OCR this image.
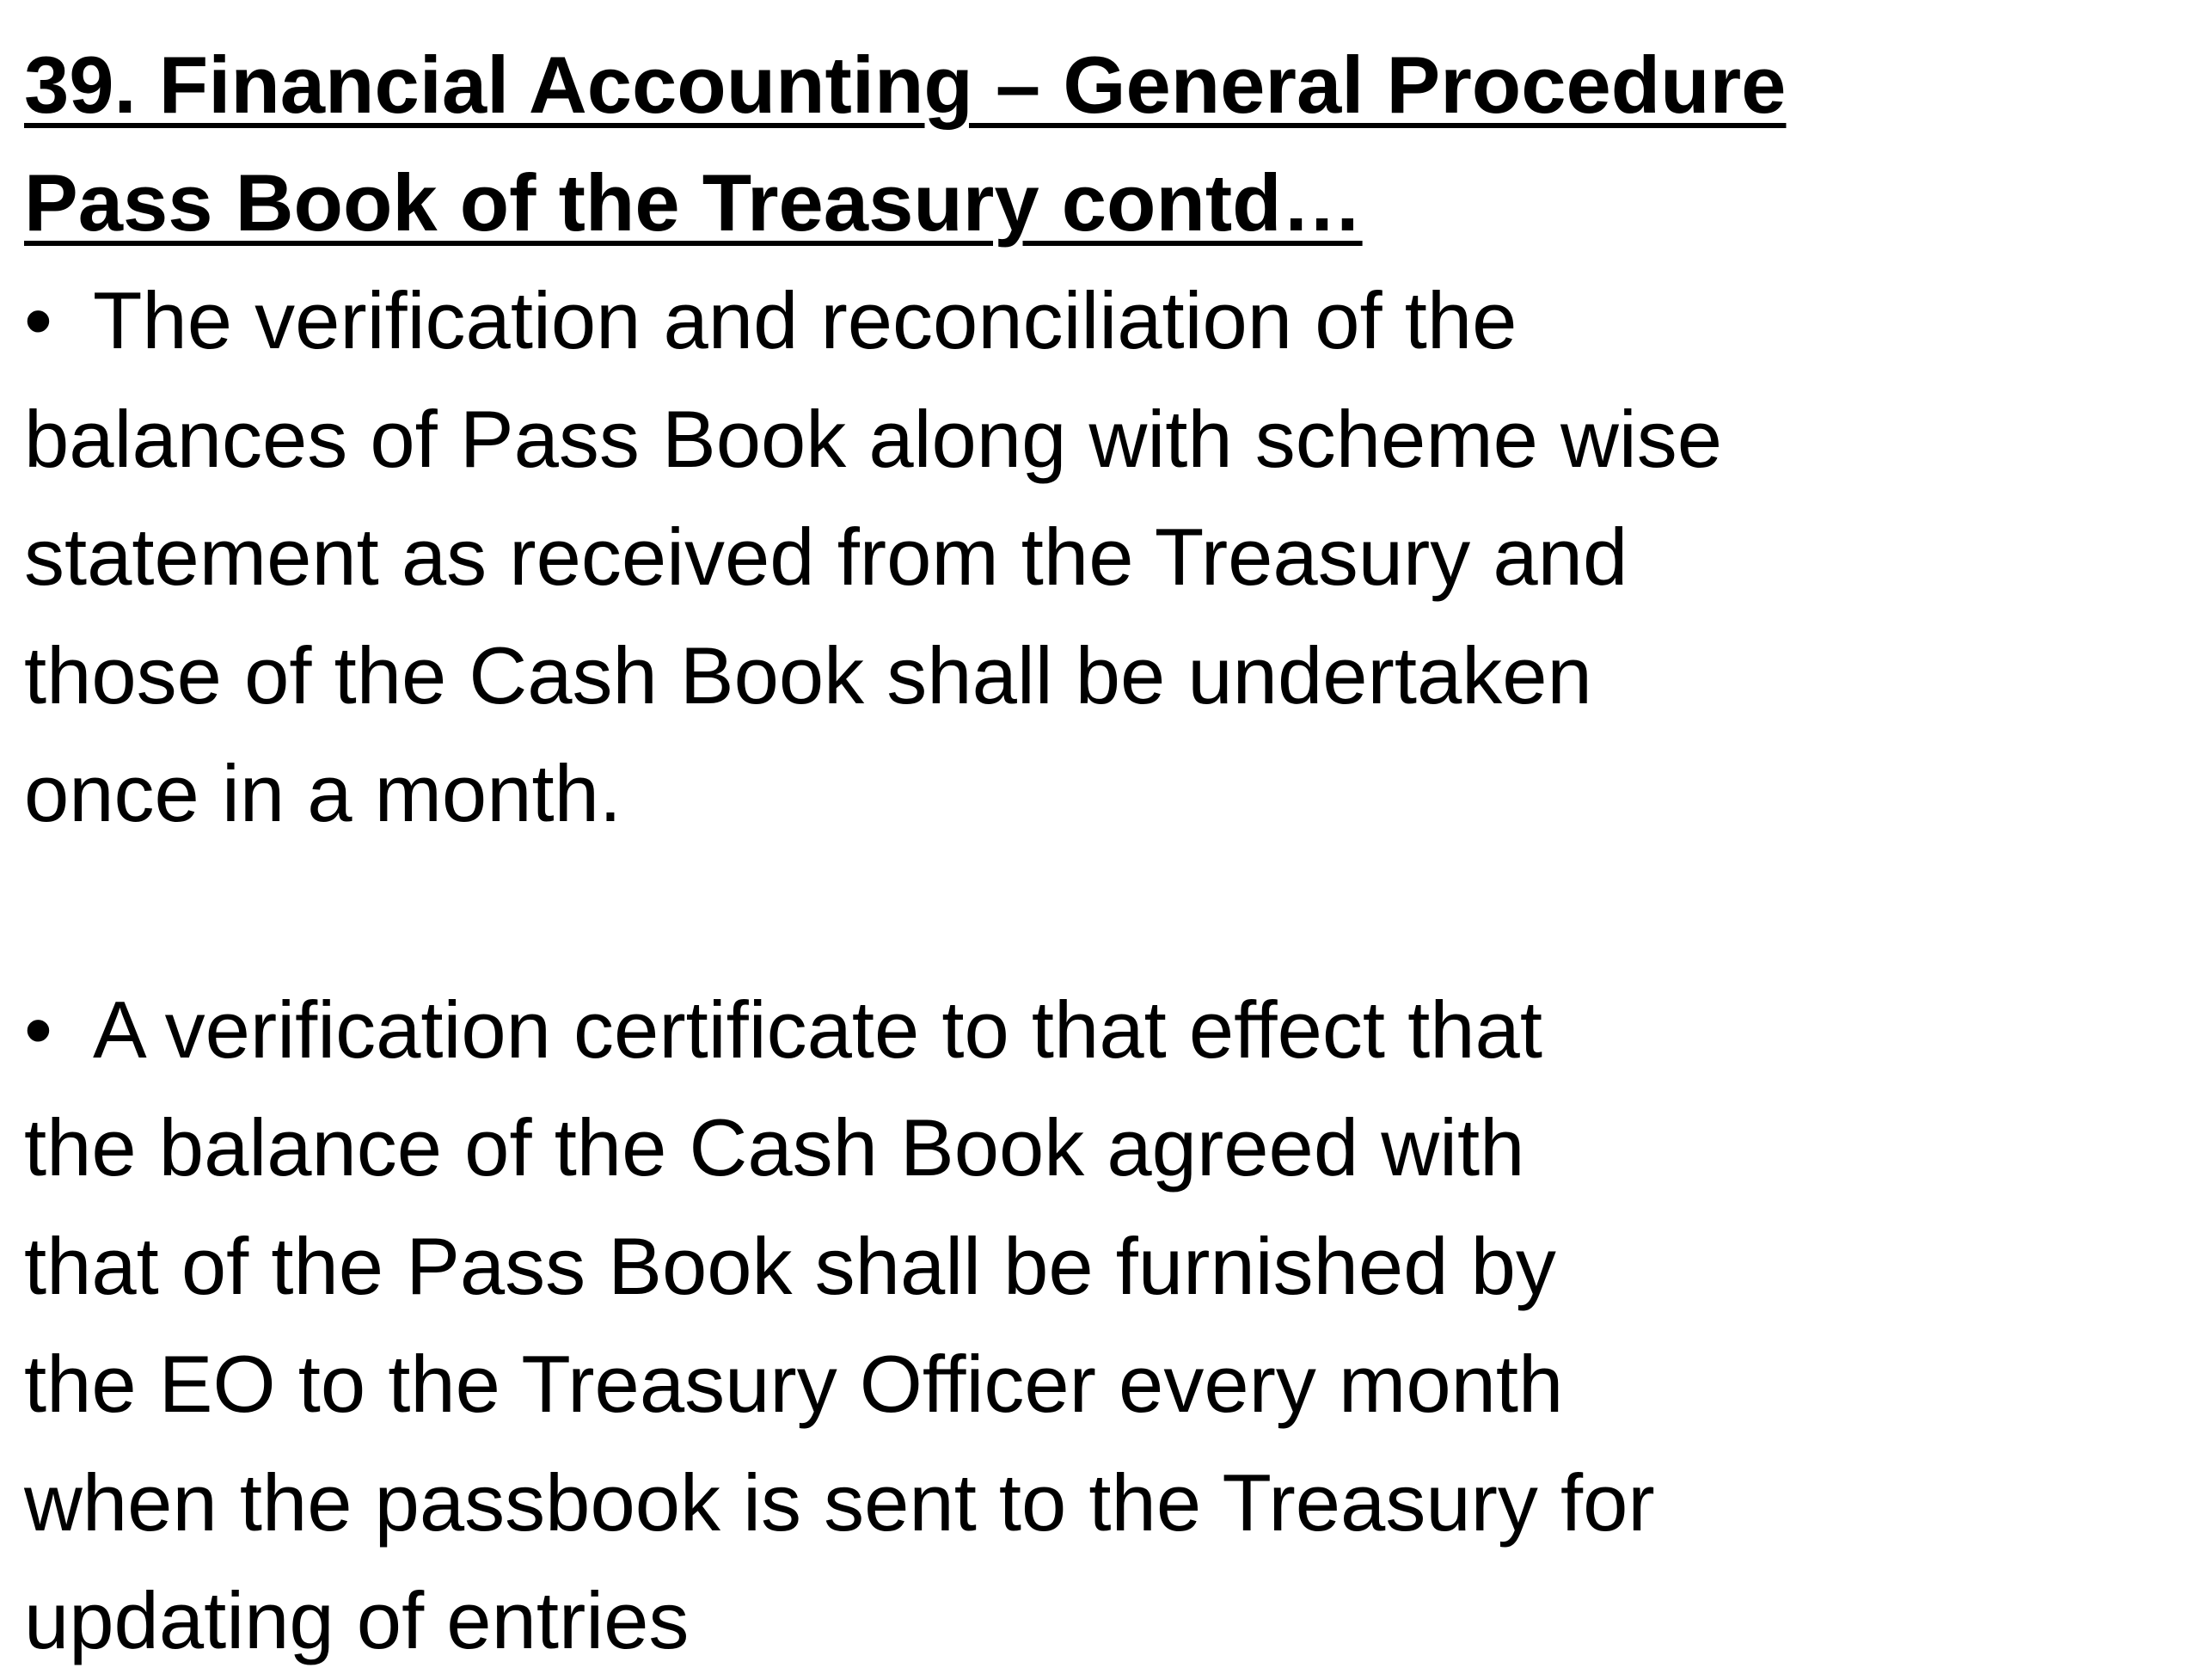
39. Financial Accounting – General Procedure
Pass Book of the Treasury contd…
• The verification and reconciliation of the
balances of Pass Book along with scheme wise
statement as received from the Treasury and
those of the Cash Book shall be undertaken
once in a month.
• A verification certificate to that effect that
the balance of the Cash Book agreed with
that of the Pass Book shall be furnished by
the EO to the Treasury Officer every month
when the passbook is sent to the Treasury for
updating of entries
